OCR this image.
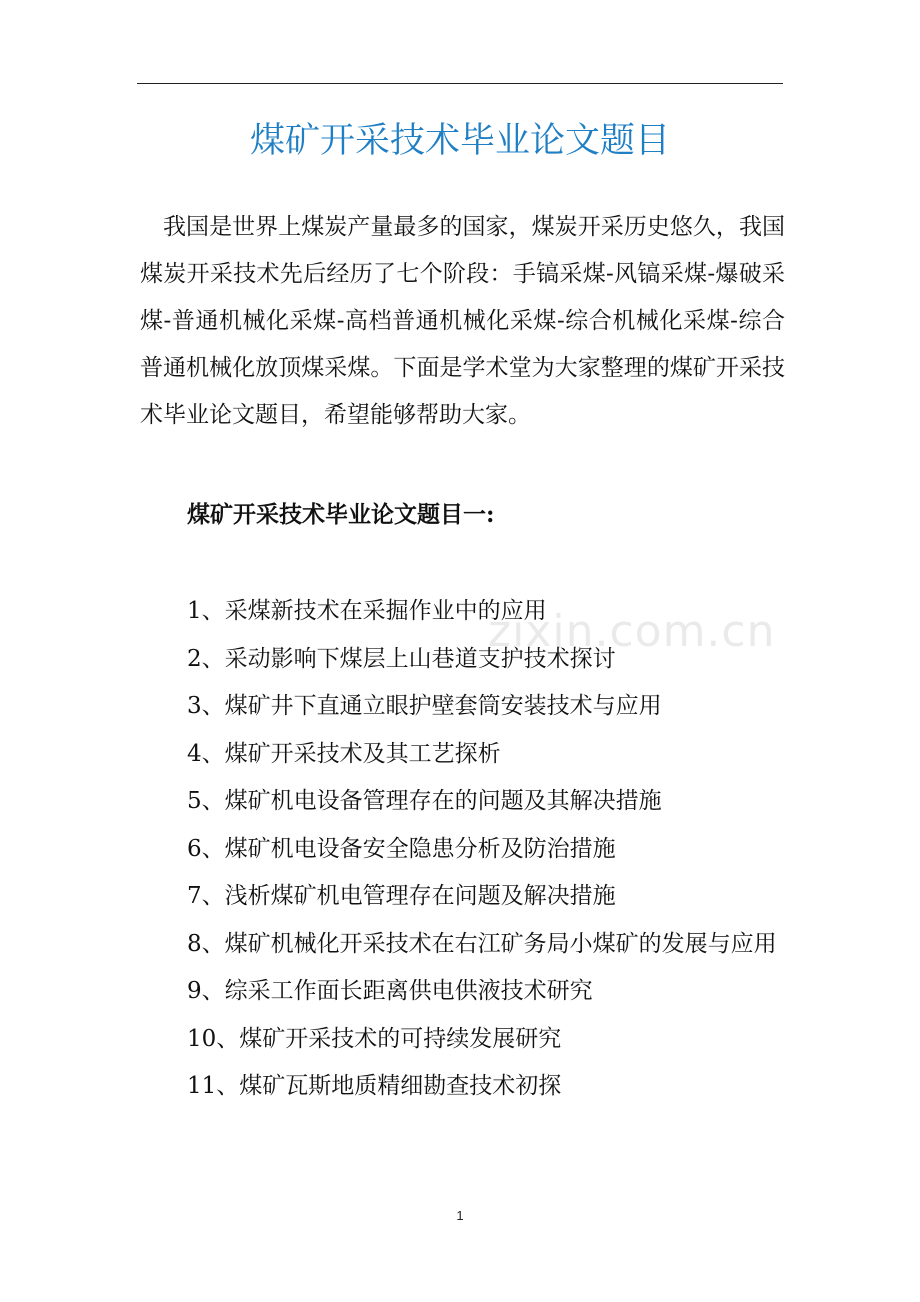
煤矿开采技术毕业论文题目

我国是世界上煤炭产量最多的国家，煤炭开采历史悠久，我国煤炭开采技术先后经历了七个阶段：手镐采煤-风镐采煤-爆破采煤-普通机械化采煤-高档普通机械化采煤-综合机械化采煤-综合普通机械化放顶煤采煤。下面是学术堂为大家整理的煤矿开采技术毕业论文题目，希望能够帮助大家。

煤矿开采技术毕业论文题目一:
1、采煤新技术在采掘作业中的应用
2、采动影响下煤层上山巷道支护技术探讨
3、煤矿井下直通立眼护壁套筒安装技术与应用
4、煤矿开采技术及其工艺探析
5、煤矿机电设备管理存在的问题及其解决措施
6、煤矿机电设备安全隐患分析及防治措施
7、浅析煤矿机电管理存在问题及解决措施
8、煤矿机械化开采技术在右江矿务局小煤矿的发展与应用
9、综采工作面长距离供电供液技术研究
10、煤矿开采技术的可持续发展研究
11、煤矿瓦斯地质精细勘查技术初探
zixin.com.cn
1
